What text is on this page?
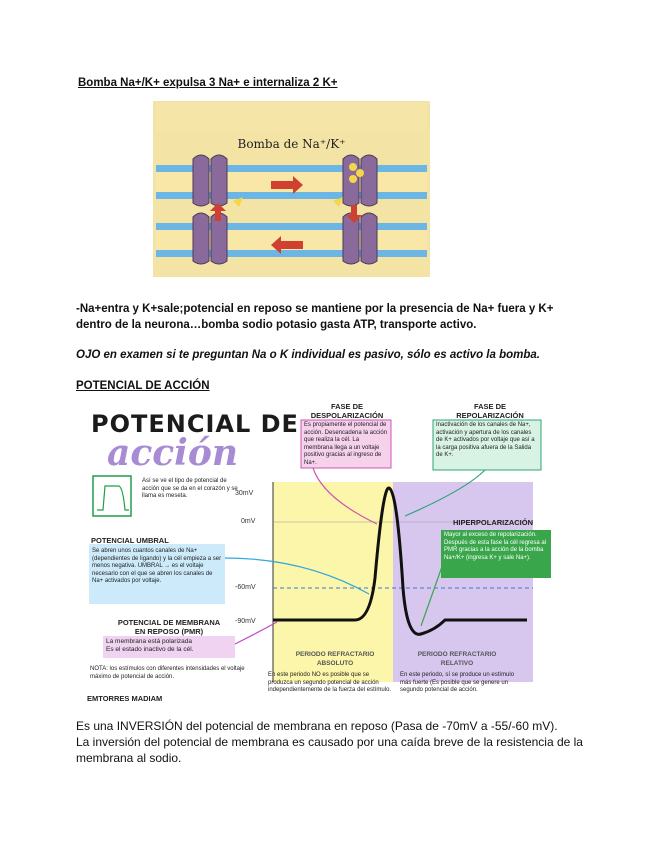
Bomba Na+/K+ expulsa 3 Na+ e internaliza 2 K+
Bomba de Na⁺/K⁺
-Na+entra y K+sale;potencial en reposo se mantiene por la presencia de Na+ fuera y K+ dentro de la neurona…bomba sodio potasio gasta ATP, transporte activo.
OJO en examen si te preguntan Na o K individual es pasivo, sólo es activo la bomba.
POTENCIAL DE ACCIÓN
POTENCIAL DE
acción
FASE DE
DESPOLARIZACIÓN
FASE DE
REPOLARIZACIÓN
Es propiamente el potencial de acción. Desencadena la acción que realiza la cél. La membrana llega a un voltaje positivo gracias al ingreso de Na+.
Inactivación de los canales de Na+, activación y apertura de los canales de K+ activados por voltaje que así a la carga positiva afuera de la Salida de K+.
HIPERPOLARIZACIÓN
Mayor al exceso de repolarización. Después de esta fase la cél regresa al PMR gracias a la acción de la bomba Na+/K+ (ingresa K+ y sale Na+).
Así se ve el tipo de potencial de acción que se da en el corazón y se llama es meseta.
POTENCIAL UMBRAL
Se abren unos cuantos canales de Na+ (dependientes de ligando) y la cél empieza a ser menos negativa. UMBRAL → es el voltaje necesario con el que se abren los canales de Na+ activados por voltaje.
POTENCIAL DE MEMBRANA
EN REPOSO (PMR)
La membrana está polarizada
Es el estado inactivo de la cél.
NOTA: los estímulos con diferentes intensidades el voltaje máximo de potencial de acción.
EMTORRES MADIAM
30mV
0mV
-60mV
-90mV
PERIODO REFRACTARIO
ABSOLUTO
PERIODO REFRACTARIO
RELATIVO
En este periodo NO es posible que se produzca un segundo potencial de acción independientemente de la fuerza del estímulo.
En este periodo, sí se produce un estímulo más fuerte (Es posible que se genere un segundo potencial de acción.
Es una INVERSIÓN del potencial de membrana en reposo (Pasa de -70mV a -55/-60 mV).
La inversión del potencial de membrana es causado por una caída breve de la resistencia de la membrana al sodio.
